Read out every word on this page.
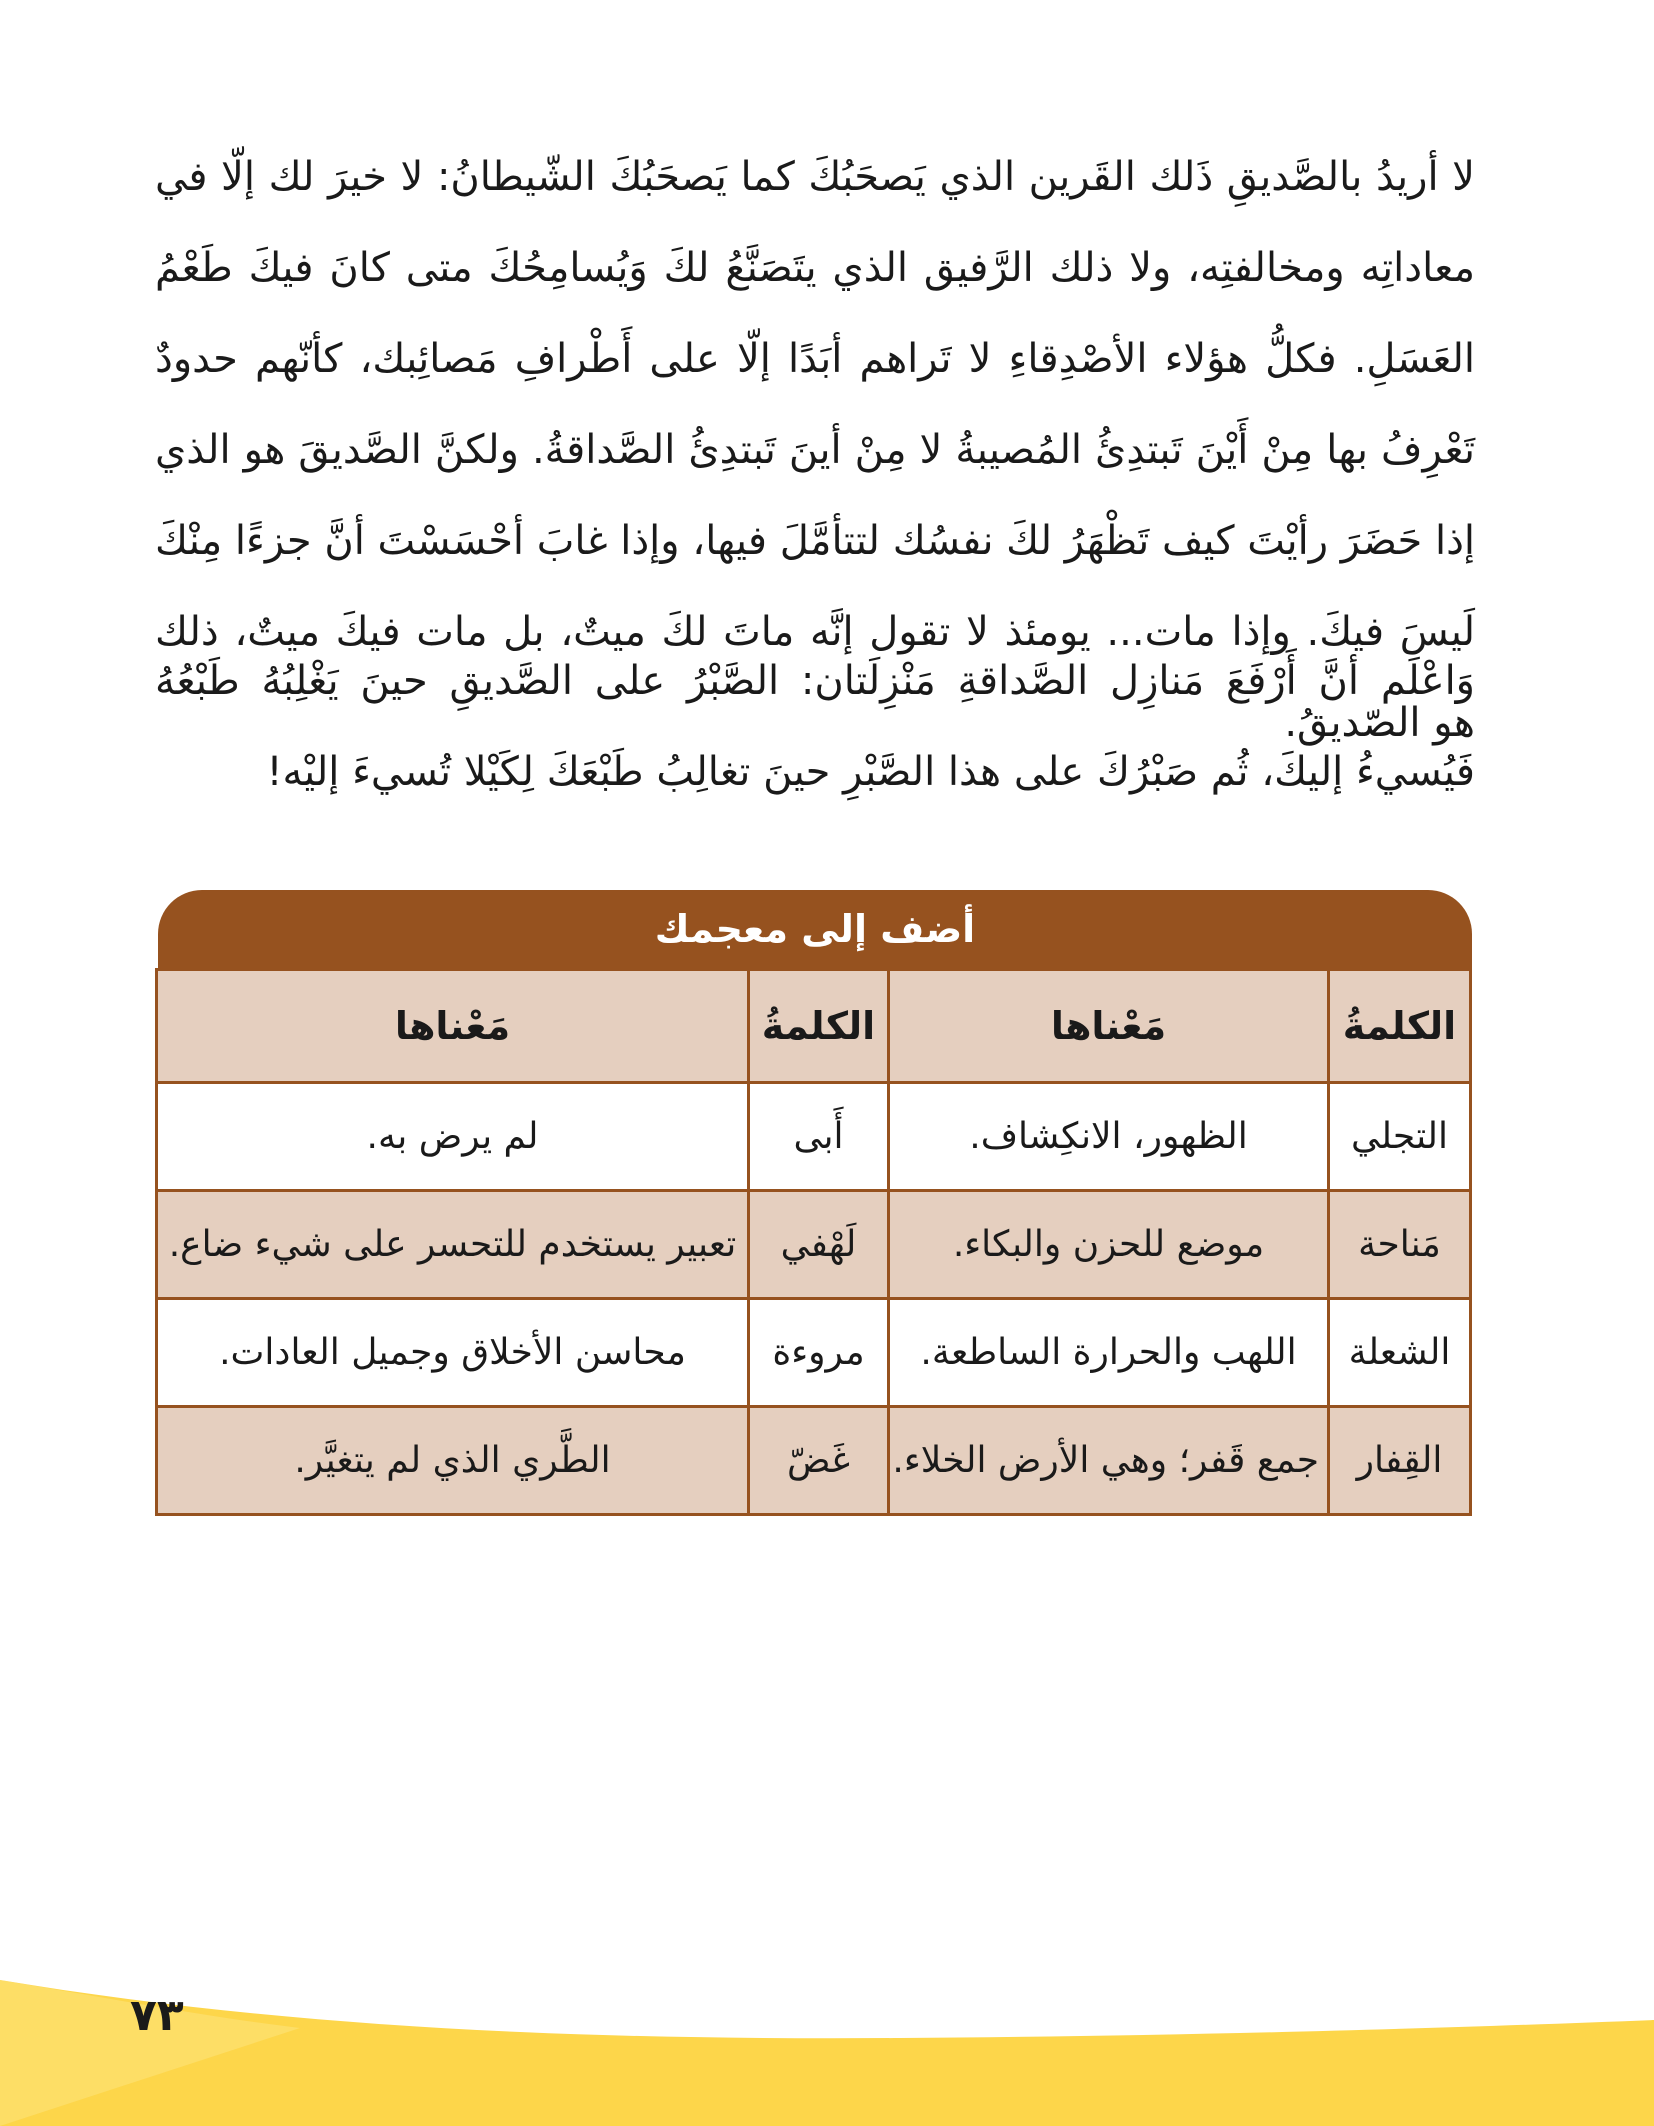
لا أريدُ بالصَّديقِ ذَلك القَرين الذي يَصحَبُكَ كما يَصحَبُكَ الشّيطانُ: لا خيرَ لك إلّا في معاداتِه ومخالفتِه، ولا ذلك الرَّفيق الذي يتَصَنَّعُ لكَ وَيُسامِحُكَ متى كانَ فيكَ طَعْمُ العَسَلِ. فكلُّ هؤلاء الأصْدِقاءِ لا تَراهم أبَدًا إلّا على أَطْرافِ مَصائِبك، كأنّهم حدودٌ تَعْرِفُ بها مِنْ أَيْنَ تَبتدِئُ المُصيبةُ لا مِنْ أينَ تَبتدِئُ الصَّداقةُ. ولكنَّ الصَّديقَ هو الذي إذا حَضَرَ رأيْتَ كيف تَظْهَرُ لكَ نفسُك لتتأمَّلَ فيها، وإذا غابَ أحْسَسْتَ أنَّ جزءًا مِنْكَ لَيسَ فيكَ. وإذا مات... يومئذ لا تقول إنَّه ماتَ لكَ ميتٌ، بل مات فيكَ ميتٌ، ذلك هو الصّديقُ.

وَاعْلَم أنَّ أَرْفَعَ مَنازِل الصَّداقةِ مَنْزِلَتان: الصَّبْرُ على الصَّديقِ حينَ يَغْلِبُهُ طَبْعُهُ فَيُسيءُ إليكَ، ثُم صَبْرُكَ على هذا الصَّبْرِ حينَ تغالِبُ طَبْعَكَ لِكَيْلا تُسيءَ إليْه!

أضف إلى معجمك
الكلمةُ	مَعْناها	الكلمةُ	مَعْناها
التجلي	الظهور، الانكِشاف.	أَبى	لم يرض به.
مَناحة	موضع للحزن والبكاء.	لَهْفي	تعبير يستخدم للتحسر على شيء ضاع.
الشعلة	اللهب والحرارة الساطعة.	مروءة	محاسن الأخلاق وجميل العادات.
القِفار	جمع قَفر؛ وهي الأرض الخلاء.	غَضّ	الطَّري الذي لم يتغيَّر.
٧٣
